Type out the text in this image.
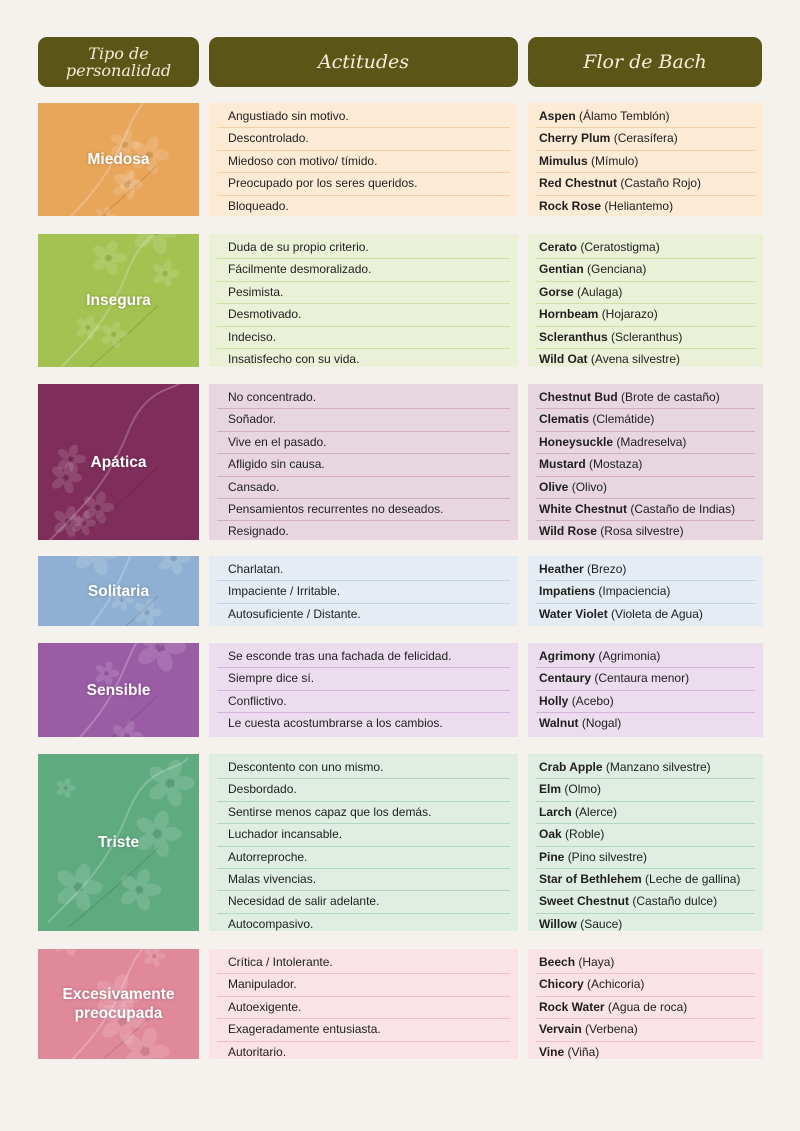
Tipo de personalidad	Actitudes	Flor de Bach
Miedosa
Angustiado sin motivo.
Descontrolado.
Miedoso con motivo/ tímido.
Preocupado por los seres queridos.
Bloqueado.
Aspen (Álamo Temblón)
Cherry Plum (Cerasífera)
Mimulus (Mímulo)
Red Chestnut (Castaño Rojo)
Rock Rose (Heliantemo)
Insegura
Duda de su propio criterio.
Fácilmente desmoralizado.
Pesimista.
Desmotivado.
Indeciso.
Insatisfecho con su vida.
Cerato (Ceratostigma)
Gentian (Genciana)
Gorse (Aulaga)
Hornbeam (Hojarazo)
Scleranthus (Scleranthus)
Wild Oat (Avena silvestre)
Apática
No concentrado.
Soñador.
Vive en el pasado.
Afligido sin causa.
Cansado.
Pensamientos recurrentes no deseados.
Resignado.
Chestnut Bud (Brote de castaño)
Clematis (Clemátide)
Honeysuckle (Madreselva)
Mustard (Mostaza)
Olive (Olivo)
White Chestnut (Castaño de Indias)
Wild Rose (Rosa silvestre)
Solitaria
Charlatan.
Impaciente / Irritable.
Autosuficiente / Distante.
Heather (Brezo)
Impatiens (Impaciencia)
Water Violet (Violeta de Agua)
Sensible
Se esconde tras una fachada de felicidad.
Siempre dice sí.
Conflictivo.
Le cuesta acostumbrarse a los cambios.
Agrimony (Agrimonia)
Centaury (Centaura menor)
Holly (Acebo)
Walnut (Nogal)
Triste
Descontento con uno mismo.
Desbordado.
Sentirse menos capaz que los demás.
Luchador incansable.
Autorreproche.
Malas vivencias.
Necesidad de salir adelante.
Autocompasivo.
Crab Apple (Manzano silvestre)
Elm (Olmo)
Larch (Alerce)
Oak (Roble)
Pine (Pino silvestre)
Star of Bethlehem (Leche de gallina)
Sweet Chestnut (Castaño dulce)
Willow (Sauce)
Excesivamente preocupada
Crítica / Intolerante.
Manipulador.
Autoexigente.
Exageradamente entusiasta.
Autoritario.
Beech (Haya)
Chicory (Achicoria)
Rock Water (Agua de roca)
Vervain (Verbena)
Vine (Viña)
